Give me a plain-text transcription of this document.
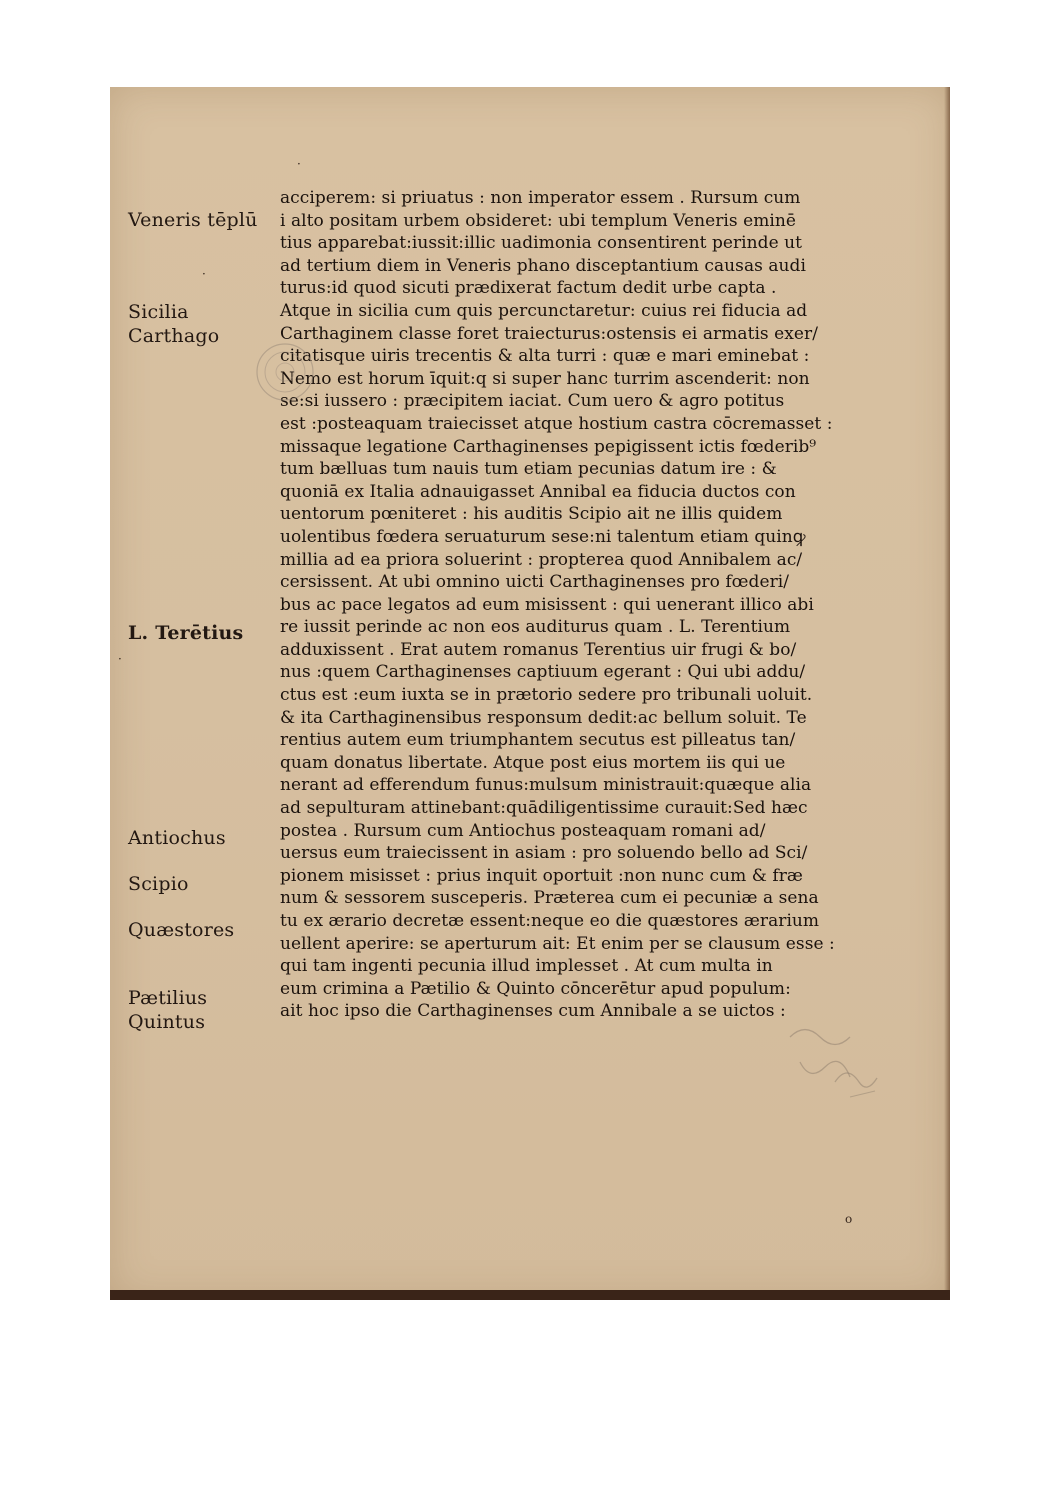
Veneris tēplū
Sicilia
Carthago
L. Terētius
Antiochus
Scipio
Quæstores
Pætilius
Quintus
acciperem: si priuatus : non imperator essem . Rursum cum
i alto positam urbem obsideret: ubi templum Veneris eminē
tius apparebat:iussit:illic uadimonia consentirent perinde ut
ad tertium diem in Veneris phano disceptantium causas audi
turus:id quod sicuti prædixerat factum dedit urbe capta .
Atque in sicilia cum quis percunctaretur: cuius rei fiducia ad
Carthaginem classe foret traiecturus:ostensis ei armatis exer/
citatisque uiris trecentis & alta turri : quæ e mari eminebat :
Nemo est horum īquit:q si super hanc turrim ascenderit: non
se:si iussero : præcipitem iaciat. Cum uero & agro potitus
est :posteaquam traiecisset atque hostium castra cōcremasset :
missaque legatione Carthaginenses pepigissent ictis fœderib⁹
tum bælluas tum nauis tum etiam pecunias datum ire : &
quoniā ex Italia adnauigasset Annibal ea fiducia ductos con
uentorum pœniteret : his auditis Scipio ait ne illis quidem
uolentibus fœdera seruaturum sese:ni talentum etiam quinꝙ
millia ad ea priora soluerint : propterea quod Annibalem ac/
cersissent. At ubi omnino uicti Carthaginenses pro fœderi/
bus ac pace legatos ad eum misissent : qui uenerant illico abi
re iussit perinde ac non eos auditurus quam . L. Terentium
adduxissent . Erat autem romanus Terentius uir frugi & bo/
nus :quem Carthaginenses captiuum egerant : Qui ubi addu/
ctus est :eum iuxta se in prætorio sedere pro tribunali uoluit.
& ita Carthaginensibus responsum dedit:ac bellum soluit. Te
rentius autem eum triumphantem secutus est pilleatus tan/
quam donatus libertate. Atque post eius mortem iis qui ue
nerant ad efferendum funus:mulsum ministrauit:quæque alia
ad sepulturam attinebant:quādiligentissime curauit:Sed hæc
postea . Rursum cum Antiochus posteaquam romani ad/
uersus eum traiecissent in asiam : pro soluendo bello ad Sci/
pionem misisset : prius inquit oportuit :non nunc cum & fræ
num & sessorem susceperis. Præterea cum ei pecuniæ a sena
tu ex ærario decretæ essent:neque eo die quæstores ærarium
uellent aperire: se aperturum ait: Et enim per se clausum esse :
qui tam ingenti pecunia illud implesset . At cum multa in
eum crimina a Pætilio & Quinto cōncerētur apud populum:
ait hoc ipso die Carthaginenses cum Annibale a se uictos :
·
·
·
o
